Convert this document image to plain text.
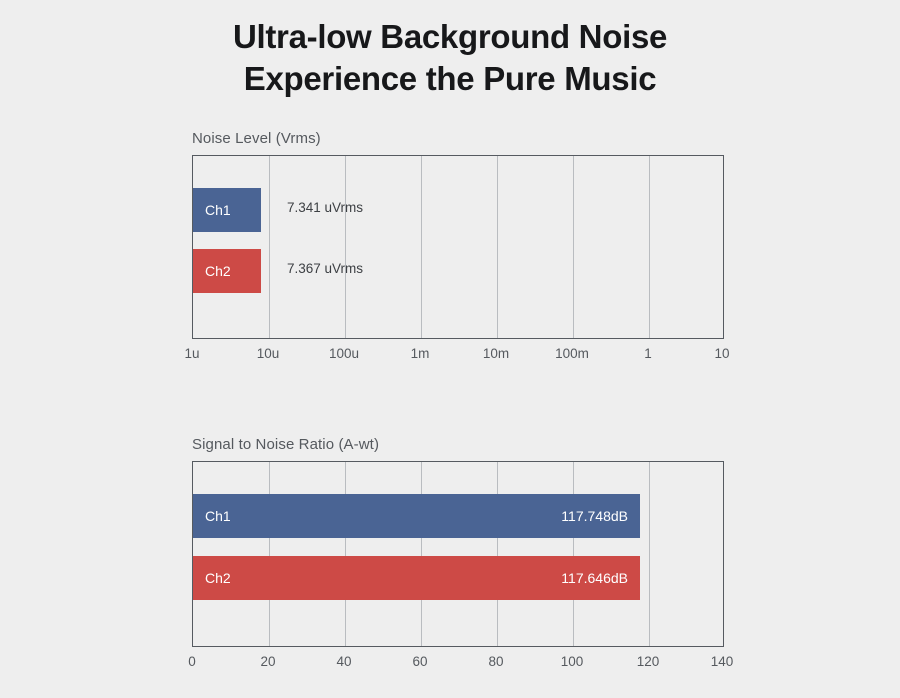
Ultra-low Background Noise
Experience the Pure Music
Noise Level (Vrms)
Ch1	7.341 uVrms
Ch2	7.367 uVrms
1u	10u	100u	1m	10m	100m	1	10
Signal to Noise Ratio (A-wt)
Ch1	117.748dB
Ch2	117.646dB
0	20	40	60	80	100	120	140
